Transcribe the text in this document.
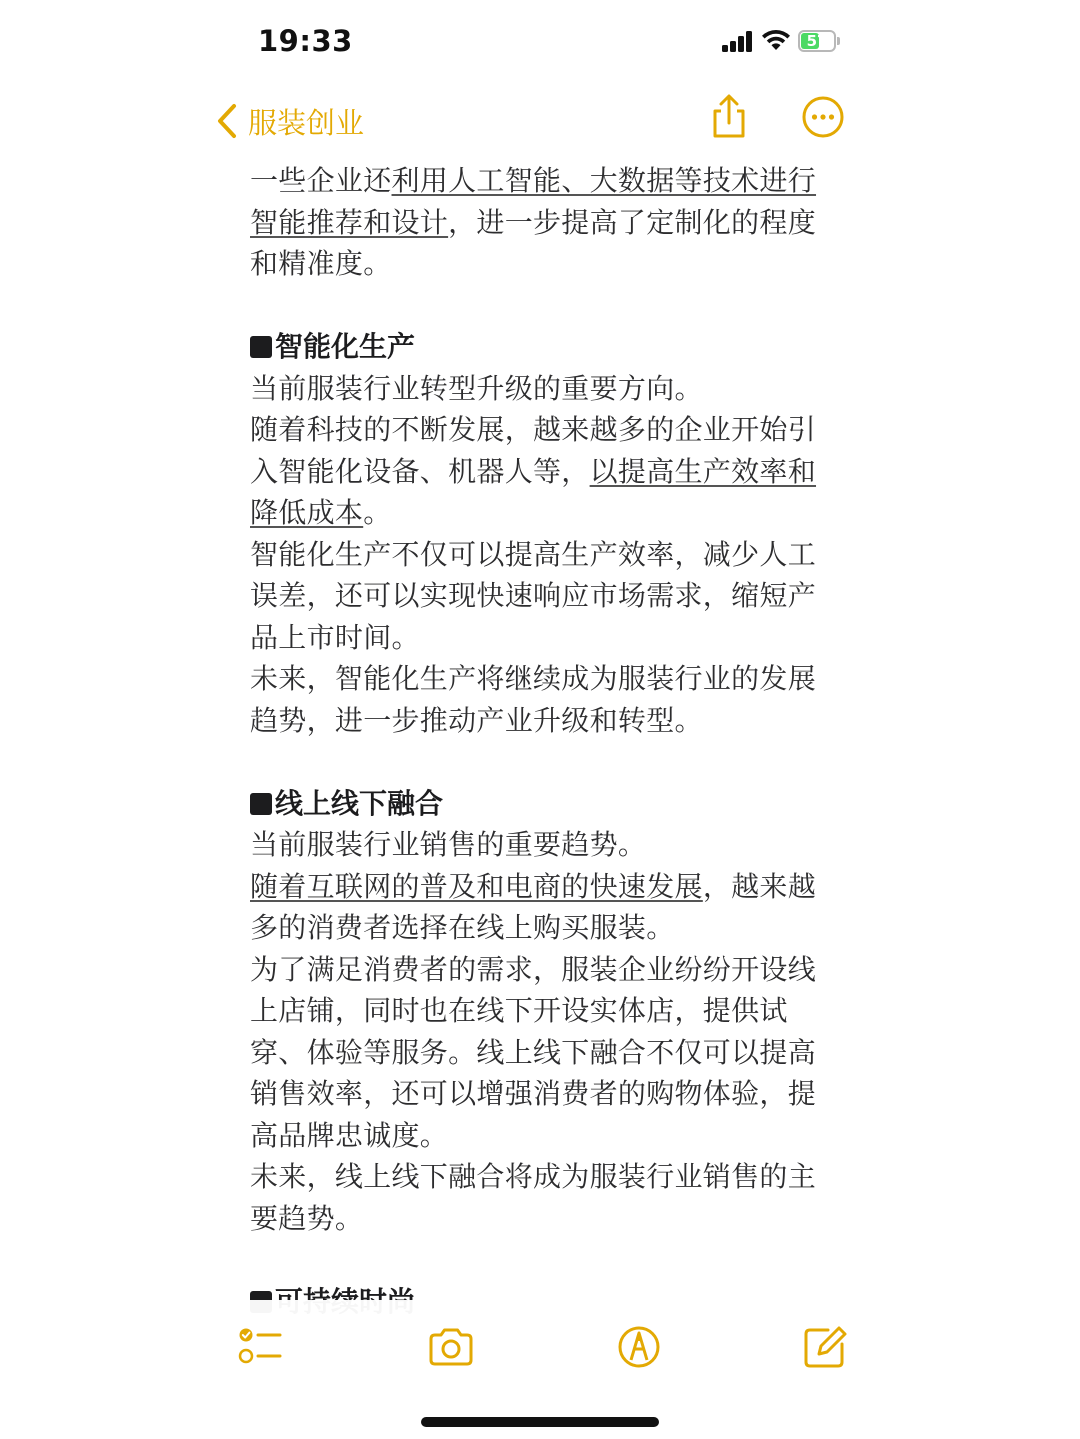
19:33	57
服装创业

一些企业还利用人工智能、大数据等技术进行智能推荐和设计，进一步提高了定制化的程度和精准度。

智能化生产

当前服装行业转型升级的重要方向。

随着科技的不断发展，越来越多的企业开始引入智能化设备、机器人等，以提高生产效率和降低成本。

智能化生产不仅可以提高生产效率，减少人工误差，还可以实现快速响应市场需求，缩短产品上市时间。

未来，智能化生产将继续成为服装行业的发展趋势，进一步推动产业升级和转型。

线上线下融合

当前服装行业销售的重要趋势。

随着互联网的普及和电商的快速发展，越来越多的消费者选择在线上购买服装。

为了满足消费者的需求，服装企业纷纷开设线上店铺，同时也在线下开设实体店，提供试穿、体验等服务。线上线下融合不仅可以提高销售效率，还可以增强消费者的购物体验，提高品牌忠诚度。

未来，线上线下融合将成为服装行业销售的主要趋势。
